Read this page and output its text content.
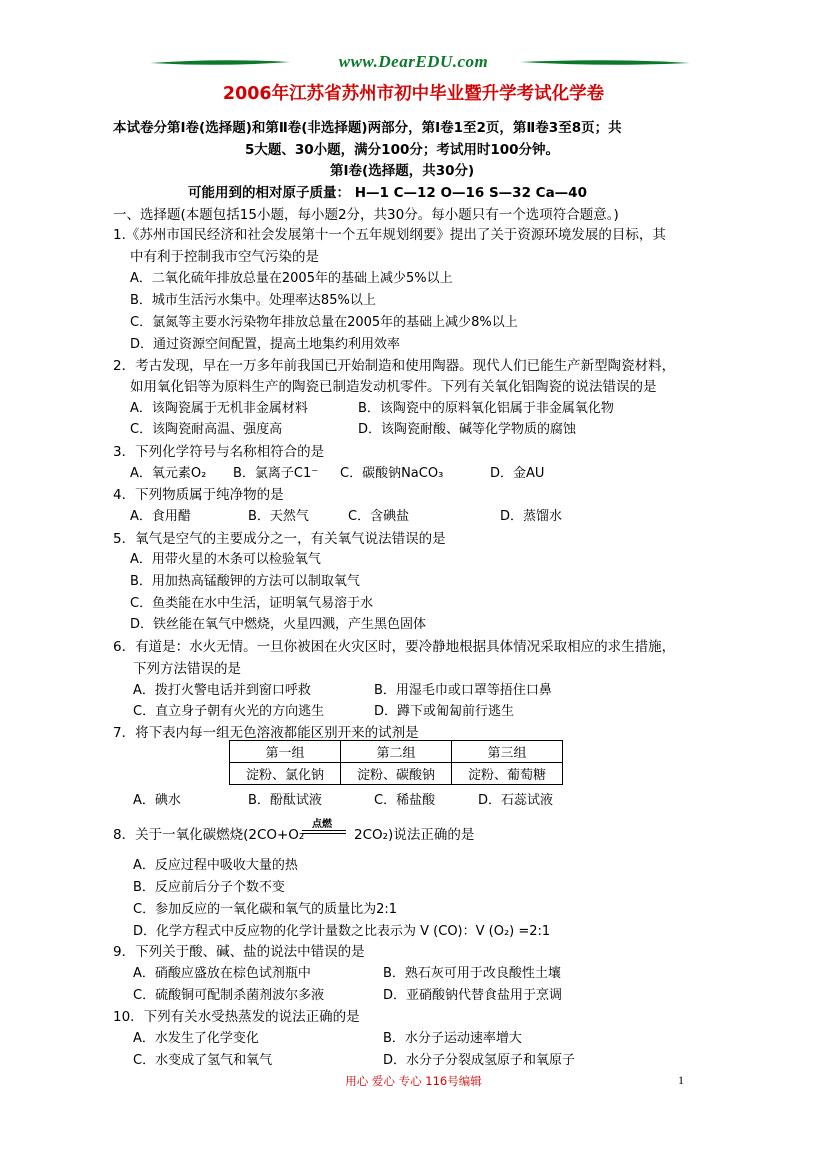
www.DearEDU.com
2006年江苏省苏州市初中毕业暨升学考试化学卷
本试卷分第Ⅰ卷(选择题)和第Ⅱ卷(非选择题)两部分，第Ⅰ卷1至2页，第Ⅱ卷3至8页；共
5大题、30小题，满分100分；考试用时100分钟。
第Ⅰ卷(选择题，共30分)
可能用到的相对原子质量： H—1 C—12 O—16 S—32 Ca—40
一、选择题(本题包括15小题，每小题2分，共30分。每小题只有一个选项符合题意。)
1.《苏州市国民经济和社会发展第十一个五年规划纲要》提出了关于资源环境发展的目标，其
中有利于控制我市空气污染的是
A．二氧化硫年排放总量在2005年的基础上减少5%以上
B．城市生活污水集中。处理率达85%以上
C．氯氮等主要水污染物年排放总量在2005年的基础上减少8%以上
D．通过资源空间配置，提高土地集约利用效率
2．考古发现，早在一万多年前我国已开始制造和使用陶器。现代人们已能生产新型陶瓷材料，
如用氧化铝等为原料生产的陶瓷已制造发动机零件。下列有关氧化铝陶瓷的说法错误的是
A．该陶瓷属于无机非金属材料	B．该陶瓷中的原料氧化铝属于非金属氧化物
C．该陶瓷耐高温、强度高	D．该陶瓷耐酸、碱等化学物质的腐蚀
3．下列化学符号与名称相符合的是
A．氧元素O₂ B．氯离子C1⁻ C．碳酸钠NaCO₃	D．金AU
4．下列物质属于纯净物的是
A．食用醋	B．天然气	C．含碘盐	D．蒸馏水
5．氧气是空气的主要成分之一，有关氧气说法错误的是
A．用带火星的木条可以检验氧气
B．用加热高锰酸钾的方法可以制取氧气
C．鱼类能在水中生活，证明氧气易溶于水
D．铁丝能在氧气中燃烧，火星四溅，产生黑色固体
6．有道是：水火无情。一旦你被困在火灾区时，要冷静地根据具体情况采取相应的求生措施，
下列方法错误的是
A．拨打火警电话并到窗口呼救	B．用湿毛巾或口罩等捂住口鼻
C．直立身子朝有火光的方向逃生	D．蹲下或匍匐前行逃生
7．将下表内每一组无色溶液都能区别开来的试剂是
第一组	第二组	第三组
淀粉、氯化钠	淀粉、碳酸钠	淀粉、葡萄糖
A．碘水	B．酚酞试液	C．稀盐酸	D．石蕊试液
8．关于一氧化碳燃烧(2CO+O₂
点燃
2CO₂)说法正确的是
A．反应过程中吸收大量的热
B．反应前后分子个数不变
C．参加反应的一氧化碳和氧气的质量比为2:1
D．化学方程式中反应物的化学计量数之比表示为 V (CO)：V (O₂) =2:1
9．下列关于酸、碱、盐的说法中错误的是
A．硝酸应盛放在棕色试剂瓶中	B．熟石灰可用于改良酸性土壤
C．硫酸铜可配制杀菌剂波尔多液	D．亚硝酸钠代替食盐用于烹调
10．下列有关水受热蒸发的说法正确的是
A．水发生了化学变化	B．水分子运动速率增大
C．水变成了氢气和氧气	D．水分子分裂成氢原子和氧原子
用心 爱心 专心 116号编辑	1
